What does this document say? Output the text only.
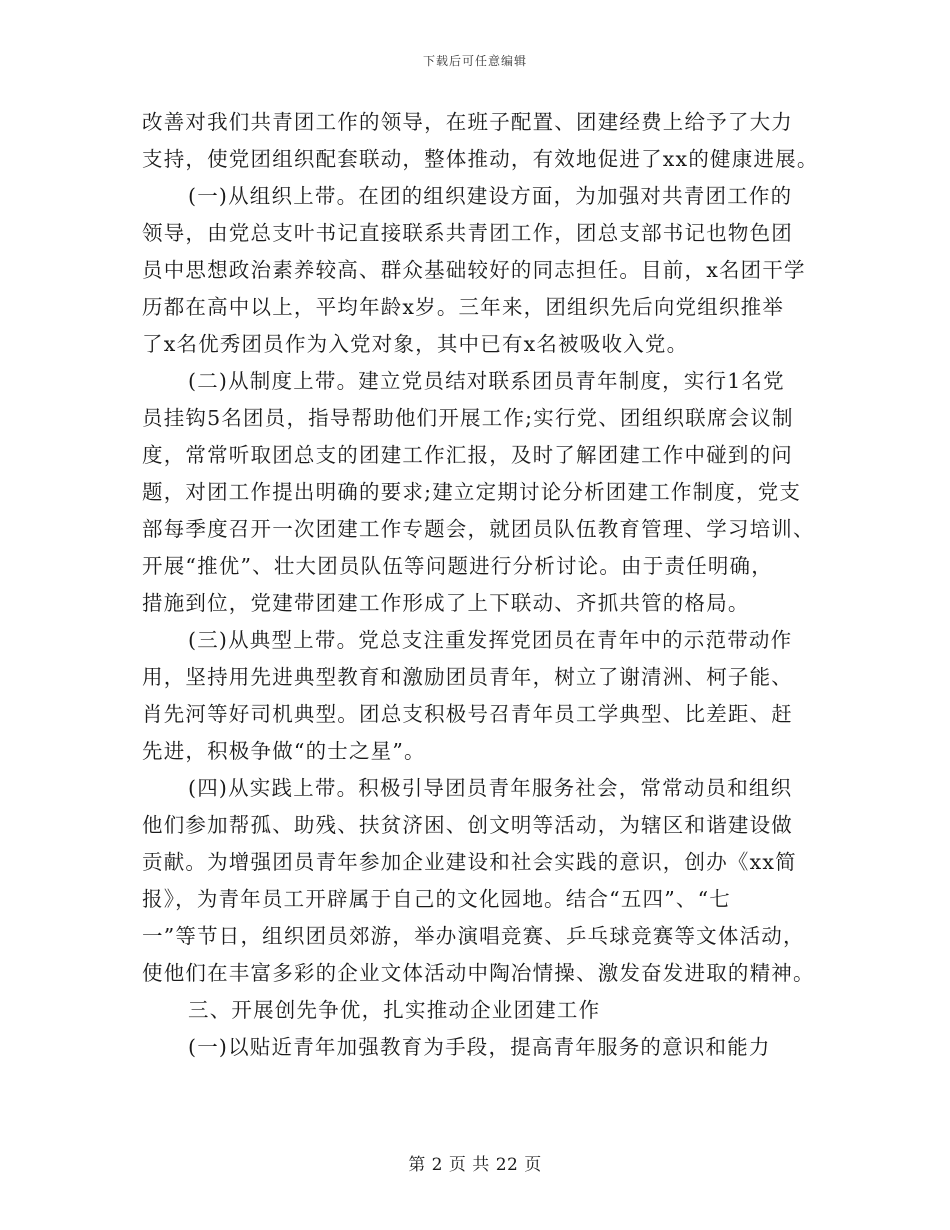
下载后可任意编辑
改善对我们共青团工作的领导，在班子配置、团建经费上给予了大力
支持，使党团组织配套联动，整体推动，有效地促进了xx的健康进展。
(一)从组织上带。在团的组织建设方面，为加强对共青团工作的
领导，由党总支叶书记直接联系共青团工作，团总支部书记也物色团
员中思想政治素养较高、群众基础较好的同志担任。目前，x名团干学
历都在高中以上，平均年龄x岁。三年来，团组织先后向党组织推举
了x名优秀团员作为入党对象，其中已有x名被吸收入党。
(二)从制度上带。建立党员结对联系团员青年制度，实行1名党
员挂钩5名团员，指导帮助他们开展工作;实行党、团组织联席会议制
度，常常听取团总支的团建工作汇报，及时了解团建工作中碰到的问
题，对团工作提出明确的要求;建立定期讨论分析团建工作制度，党支
部每季度召开一次团建工作专题会，就团员队伍教育管理、学习培训、
开展“推优”、壮大团员队伍等问题进行分析讨论。由于责任明确，
措施到位，党建带团建工作形成了上下联动、齐抓共管的格局。
(三)从典型上带。党总支注重发挥党团员在青年中的示范带动作
用，坚持用先进典型教育和激励团员青年，树立了谢清洲、柯子能、
肖先河等好司机典型。团总支积极号召青年员工学典型、比差距、赶
先进，积极争做“的士之星”。
(四)从实践上带。积极引导团员青年服务社会，常常动员和组织
他们参加帮孤、助残、扶贫济困、创文明等活动，为辖区和谐建设做
贡献。为增强团员青年参加企业建设和社会实践的意识，创办《xx简
报》，为青年员工开辟属于自己的文化园地。结合“五四”、“七
一”等节日，组织团员郊游，举办演唱竞赛、乒乓球竞赛等文体活动，
使他们在丰富多彩的企业文体活动中陶冶情操、激发奋发进取的精神。
三、开展创先争优，扎实推动企业团建工作
(一)以贴近青年加强教育为手段，提高青年服务的意识和能力
第 2 页 共 22 页
